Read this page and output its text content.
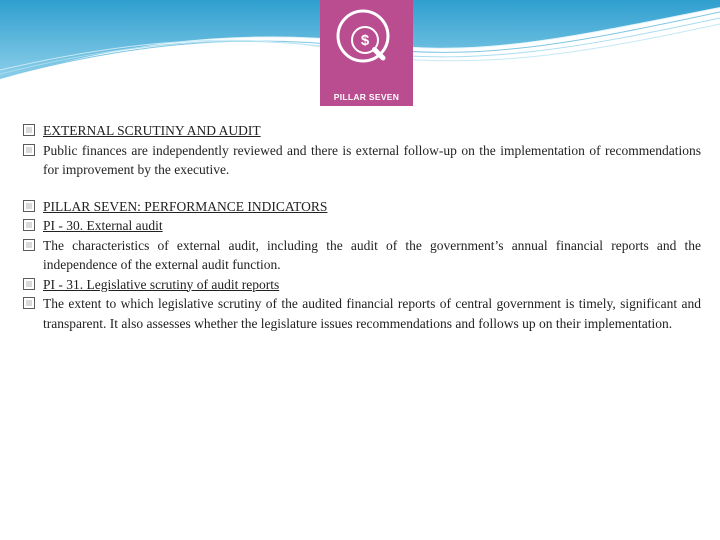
$
PILLAR SEVEN
EXTERNAL SCRUTINY AND AUDIT
Public finances are independently reviewed and there is external follow-up on the implementation of recommendations for improvement by the executive.
PILLAR SEVEN: PERFORMANCE INDICATORS
PI - 30. External audit
The characteristics of external audit, including the audit of the government’s annual financial reports and the independence of the external audit function.
PI - 31. Legislative scrutiny of audit reports
The extent to which legislative scrutiny of the audited financial reports of central government is timely, significant and transparent. It also assesses whether the legislature issues recommendations and follows up on their implementation.
